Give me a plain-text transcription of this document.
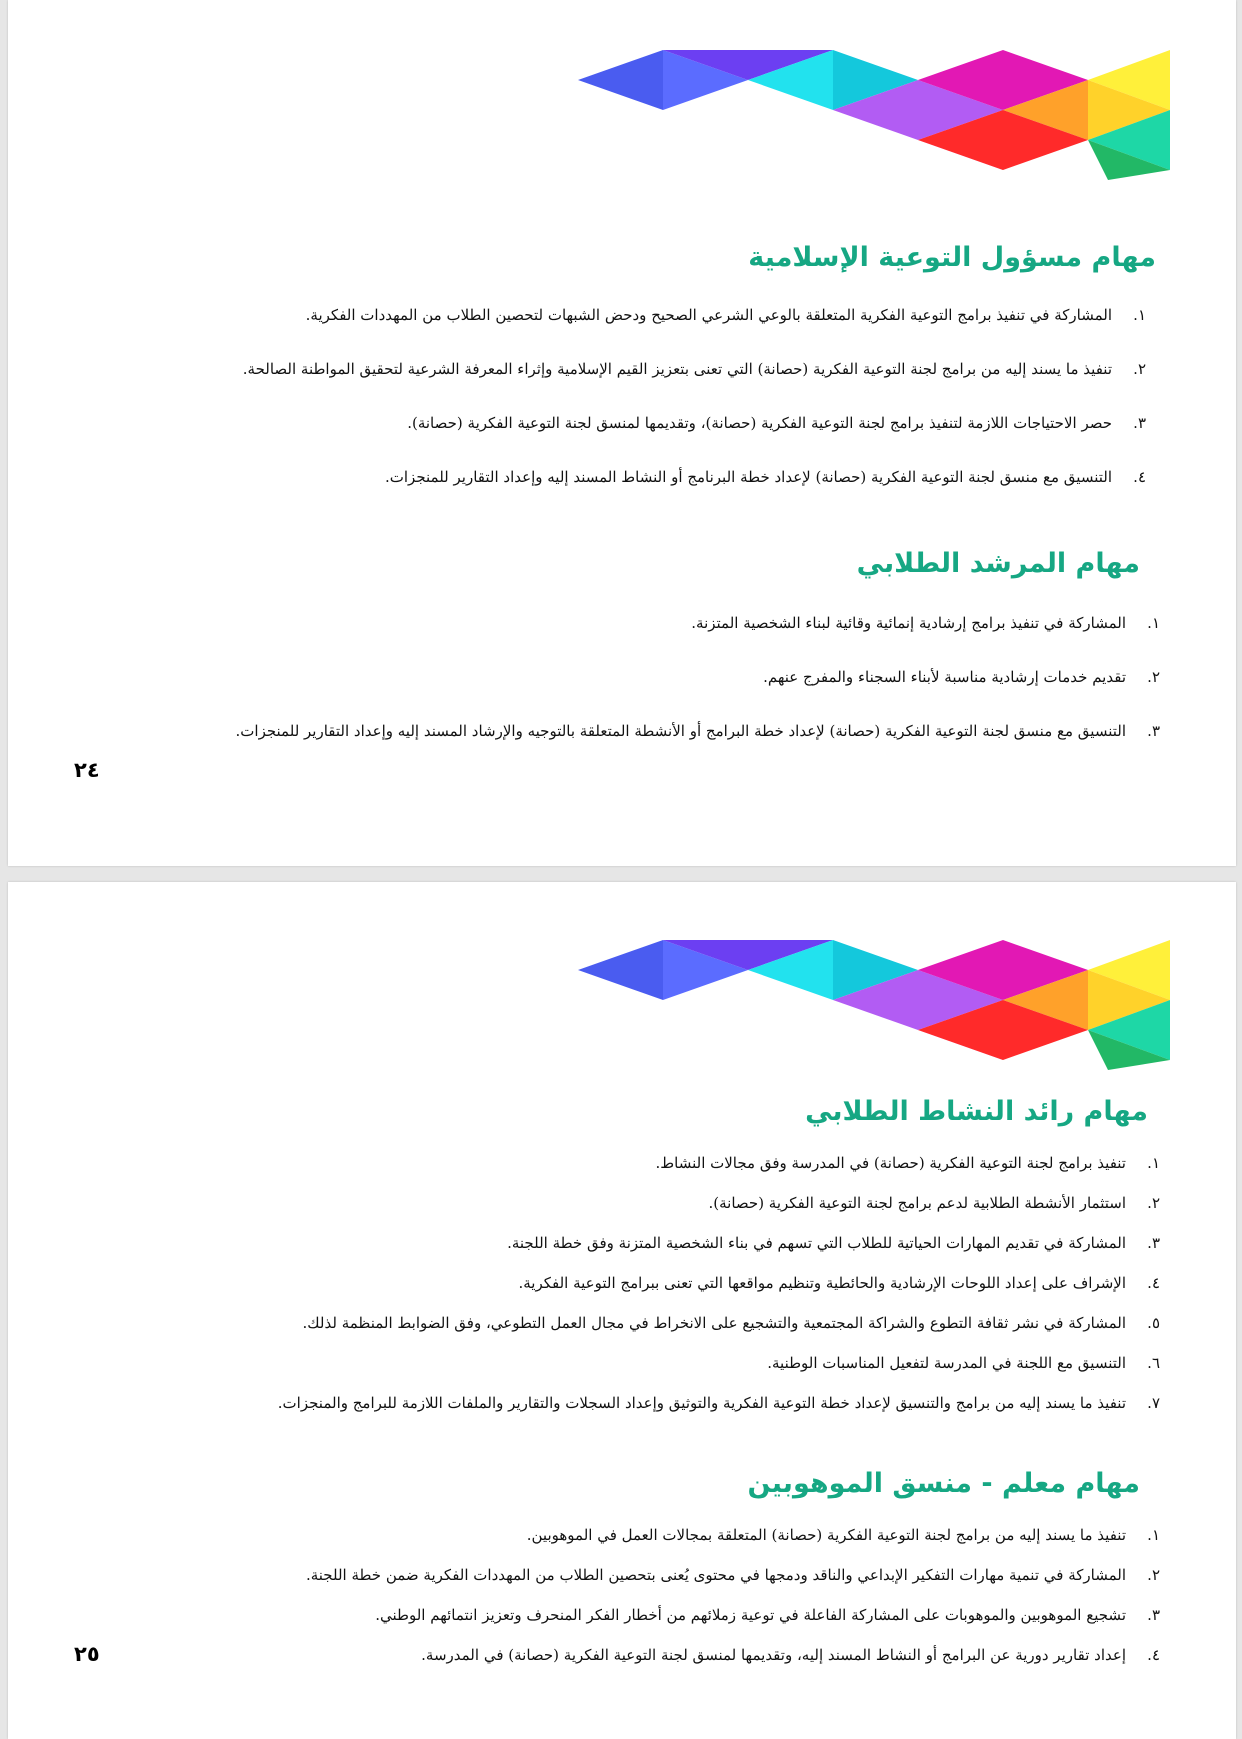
مهام مسؤول التوعية الإسلامية
١.
المشاركة في تنفيذ برامج التوعية الفكرية المتعلقة بالوعي الشرعي الصحيح ودحض الشبهات لتحصين الطلاب من المهددات الفكرية.
٢.
تنفيذ ما يسند إليه من برامج لجنة التوعية الفكرية (حصانة) التي تعنى بتعزيز القيم الإسلامية وإثراء المعرفة الشرعية لتحقيق المواطنة الصالحة.
٣.
حصر الاحتياجات اللازمة لتنفيذ برامج لجنة التوعية الفكرية (حصانة)، وتقديمها لمنسق لجنة التوعية الفكرية (حصانة).
٤.
التنسيق مع منسق لجنة التوعية الفكرية (حصانة) لإعداد خطة البرنامج أو النشاط المسند إليه وإعداد التقارير للمنجزات.
مهام المرشد الطلابي
١.
المشاركة في تنفيذ برامج إرشادية إنمائية وقائية لبناء الشخصية المتزنة.
٢.
تقديم خدمات إرشادية مناسبة لأبناء السجناء والمفرج عنهم.
٣.
التنسيق مع منسق لجنة التوعية الفكرية (حصانة) لإعداد خطة البرامج أو الأنشطة المتعلقة بالتوجيه والإرشاد المسند إليه وإعداد التقارير للمنجزات.
٢٤
مهام رائد النشاط الطلابي
١.
تنفيذ برامج لجنة التوعية الفكرية (حصانة) في المدرسة وفق مجالات النشاط.
٢.
استثمار الأنشطة الطلابية لدعم برامج لجنة التوعية الفكرية (حصانة).
٣.
المشاركة في تقديم المهارات الحياتية للطلاب التي تسهم في بناء الشخصية المتزنة وفق خطة اللجنة.
٤.
الإشراف على إعداد اللوحات الإرشادية والحائطية وتنظيم مواقعها التي تعنى ببرامج التوعية الفكرية.
٥.
المشاركة في نشر ثقافة التطوع والشراكة المجتمعية والتشجيع على الانخراط في مجال العمل التطوعي، وفق الضوابط المنظمة لذلك.
٦.
التنسيق مع اللجنة في المدرسة لتفعيل المناسبات الوطنية.
٧.
تنفيذ ما يسند إليه من برامج والتنسيق لإعداد خطة التوعية الفكرية والتوثيق وإعداد السجلات والتقارير والملفات اللازمة للبرامج والمنجزات.
مهام معلم - منسق الموهوبين
١.
تنفيذ ما يسند إليه من برامج لجنة التوعية الفكرية (حصانة) المتعلقة بمجالات العمل في الموهوبين.
٢.
المشاركة في تنمية مهارات التفكير الإبداعي والناقد ودمجها في محتوى يُعنى بتحصين الطلاب من المهددات الفكرية ضمن خطة اللجنة.
٣.
تشجيع الموهوبين والموهوبات على المشاركة الفاعلة في توعية زملائهم من أخطار الفكر المنحرف وتعزيز انتمائهم الوطني.
٤.
إعداد تقارير دورية عن البرامج أو النشاط المسند إليه، وتقديمها لمنسق لجنة التوعية الفكرية (حصانة) في المدرسة.
٢٥
